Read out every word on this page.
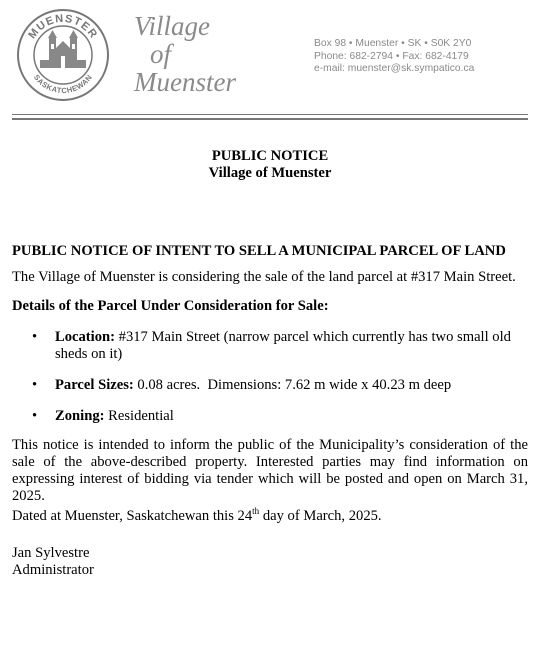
MUENSTER
SASKATCHEWAN
Village
of
Muenster
Box 98 • Muenster • SK • S0K 2Y0
Phone: 682-2794 • Fax: 682-4179
e-mail: muenster@sk.sympatico.ca
PUBLIC NOTICE
Village of Muenster
PUBLIC NOTICE OF INTENT TO SELL A MUNICIPAL PARCEL OF LAND

The Village of Muenster is considering the sale of the land parcel at #317 Main Street.

Details of the Parcel Under Consideration for Sale:

• Location: #317 Main Street (narrow parcel which currently has two small old sheds on it)
• Parcel Sizes: 0.08 acres.  Dimensions: 7.62 m wide x 40.23 m deep
• Zoning: Residential

This notice is intended to inform the public of the Municipality’s consideration of the sale of the above-described property. Interested parties may find information on expressing interest of bidding via tender which will be posted and open on March 31, 2025.

Dated at Muenster, Saskatchewan this 24th day of March, 2025.

Jan Sylvestre

Administrator
